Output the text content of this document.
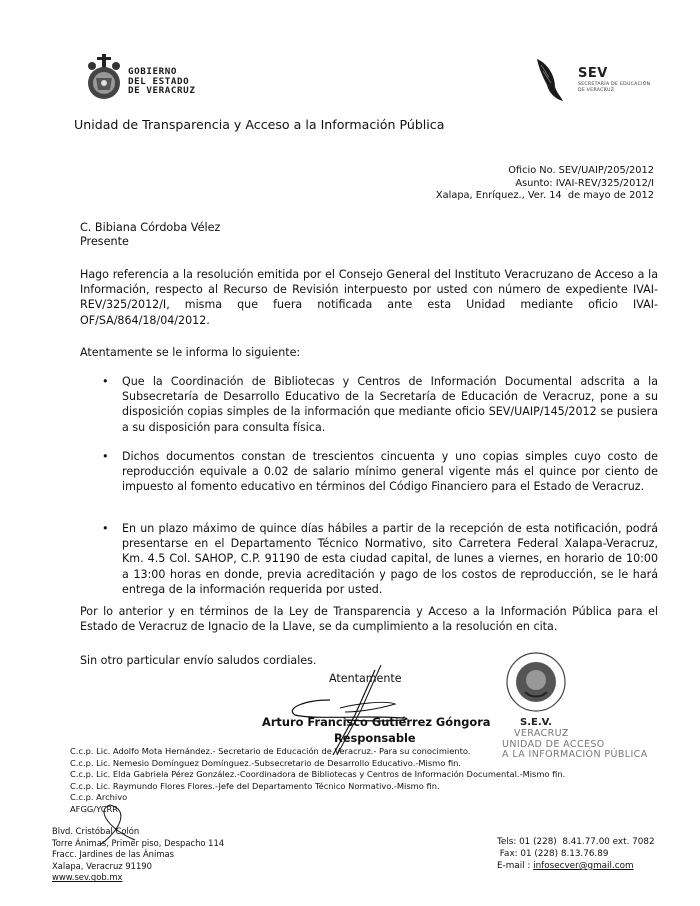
GOBIERNO
DEL ESTADO
DE VERACRUZ
SEV
SECRETARÍA DE EDUCACIÓN
DE VERACRUZ
Unidad de Transparencia y Acceso a la Información Pública
Oficio No. SEV/UAIP/205/2012
Asunto: IVAI-REV/325/2012/I
Xalapa, Enríquez., Ver. 14  de mayo de 2012
C. Bibiana Córdoba Vélez
Presente
Hago referencia a la resolución emitida por el Consejo General del Instituto Veracruzano de Acceso a la Información, respecto al Recurso de Revisión interpuesto por usted con número de expediente IVAI-REV/325/2012/I, misma que fuera notificada ante esta Unidad mediante oficio IVAI-OF/SA/864/18/04/2012.
Atentamente se le informa lo siguiente:
• Que la Coordinación de Bibliotecas y Centros de Información Documental adscrita a la Subsecretaría de Desarrollo Educativo de la Secretaría de Educación de Veracruz, pone a su disposición copias simples de la información que mediante oficio SEV/UAIP/145/2012 se pusiera a su disposición para consulta física.
• Dichos documentos constan de trescientos cincuenta y uno copias simples cuyo costo de reproducción equivale a 0.02 de salario mínimo general vigente más el quince por ciento de impuesto al fomento educativo en términos del Código Financiero para el Estado de Veracruz.
• En un plazo máximo de quince días hábiles a partir de la recepción de esta notificación, podrá presentarse en el Departamento Técnico Normativo, sito Carretera Federal Xalapa-Veracruz, Km. 4.5 Col. SAHOP, C.P. 91190 de esta ciudad capital, de lunes a viernes, en horario de 10:00 a 13:00 horas en donde, previa acreditación y pago de los costos de reproducción, se le hará entrega de la información requerida por usted.
Por lo anterior y en términos de la Ley de Transparencia y Acceso a la Información Pública para el Estado de Veracruz de Ignacio de la Llave, se da cumplimiento a la resolución en cita.
Sin otro particular envío saludos cordiales.
Atentamente
Arturo Francisco Gutiérrez Góngora
Responsable
S.E.V.
VERACRUZ
UNIDAD DE ACCESO
A LA INFORMACIÓN PÚBLICA
C.c.p. Lic. Adolfo Mota Hernández.- Secretario de Educación de Veracruz.- Para su conocimiento.
C.c.p. Lic. Nemesio Domínguez Domínguez.-Subsecretario de Desarrollo Educativo.-Mismo fin.
C.c.p. Lic. Elda Gabriela Pérez González.-Coordinadora de Bibliotecas y Centros de Información Documental.-Mismo fin.
C.c.p. Lic. Raymundo Flores Flores.-Jefe del Departamento Técnico Normativo.-Mismo fin.
C.c.p. Archivo
AFGG/YCRR
Blvd. Cristóbal Colón
Torre Ánimas, Primer piso, Despacho 114
Fracc. Jardines de las Ánimas
Xalapa, Veracruz 91190
www.sev.gob.mx
Tels: 01 (228)  8.41.77.00 ext. 7082
Fax: 01 (228) 8.13.76.89
E-mail : infosecver@gmail.com
